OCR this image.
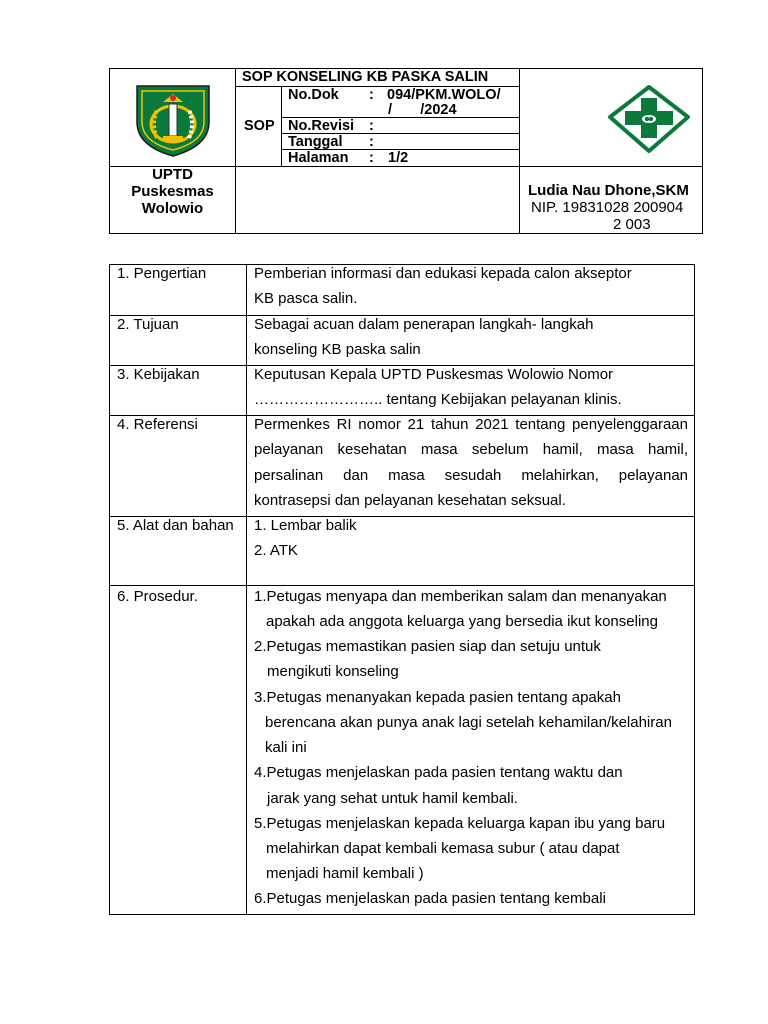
SOP KONSELING KB PASKA SALIN
SOP
No.Dok : 094/PKM.WOLO/
/       /2024
No.Revisi :
Tanggal :
Halaman : 1/2
UPTD
Puskesmas
Wolowio
Ludia Nau Dhone,SKM
NIP. 19831028 200904
2 003
1. Pengertian	Pemberian informasi dan edukasi kepada calon akseptor
KB pasca salin.
2. Tujuan	Sebagai acuan dalam penerapan langkah- langkah
konseling KB paska salin
3. Kebijakan	Keputusan Kepala UPTD Puskesmas Wolowio Nomor
…………………….. tentang Kebijakan pelayanan klinis.
4. Referensi	Permenkes RI nomor 21 tahun 2021 tentang penyelenggaraan
pelayanan kesehatan masa sebelum hamil, masa hamil,
persalinan dan masa sesudah melahirkan, pelayanan
kontrasepsi dan pelayanan kesehatan seksual.
5. Alat dan bahan 1. Lembar balik
2. ATK
6. Prosedur.	1.Petugas menyapa dan memberikan salam dan menanyakan
apakah ada anggota keluarga yang bersedia ikut konseling
2.Petugas memastikan pasien siap dan setuju untuk
mengikuti konseling
3.Petugas menanyakan kepada pasien tentang apakah
berencana akan punya anak lagi setelah kehamilan/kelahiran
kali ini
4.Petugas menjelaskan pada pasien tentang waktu dan
jarak yang sehat untuk hamil kembali.
5.Petugas menjelaskan kepada keluarga kapan ibu yang baru
melahirkan dapat kembali kemasa subur ( atau dapat
menjadi hamil kembali )
6.Petugas menjelaskan pada pasien tentang kembali
